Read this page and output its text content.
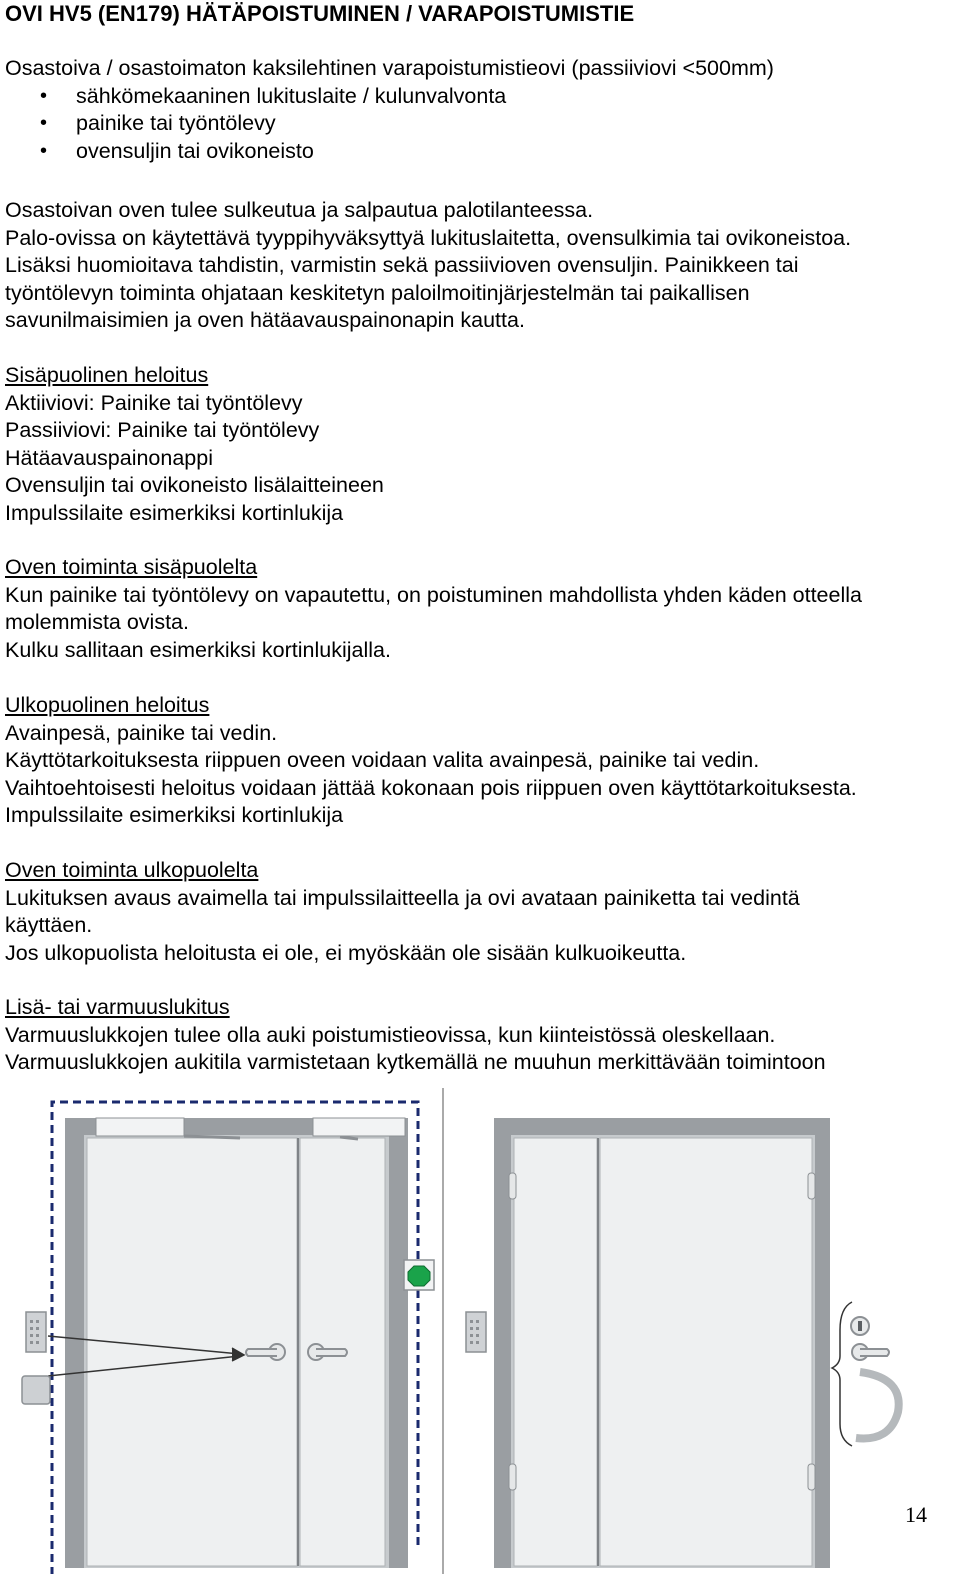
OVI HV5 (EN179) HÄTÄPOISTUMINEN / VARAPOISTUMISTIE

Osastoiva / osastoimaton kaksilehtinen varapoistumistieovi (passiiviovi <500mm)

• sähkömekaaninen lukituslaite / kulunvalvonta
• painike tai työntölevy
• ovensuljin tai ovikoneisto

Osastoivan oven tulee sulkeutua ja salpautua palotilanteessa.

Palo-ovissa on käytettävä tyyppihyväksyttyä lukituslaitetta, ovensulkimia tai ovikoneistoa.

Lisäksi huomioitava tahdistin, varmistin sekä passiivioven ovensuljin. Painikkeen tai

työntölevyn toiminta ohjataan keskitetyn paloilmoitinjärjestelmän tai paikallisen

savunilmaisimien ja oven hätäavauspainonapin kautta.

Sisäpuolinen heloitus

Aktiiviovi: Painike tai työntölevy

Passiiviovi: Painike tai työntölevy

Hätäavauspainonappi

Ovensuljin tai ovikoneisto lisälaitteineen

Impulssilaite esimerkiksi kortinlukija

Oven toiminta sisäpuolelta

Kun painike tai työntölevy on vapautettu, on poistuminen mahdollista yhden käden otteella

molemmista ovista.

Kulku sallitaan esimerkiksi kortinlukijalla.

Ulkopuolinen heloitus

Avainpesä, painike tai vedin.

Käyttötarkoituksesta riippuen oveen voidaan valita avainpesä, painike tai vedin.

Vaihtoehtoisesti heloitus voidaan jättää kokonaan pois riippuen oven käyttötarkoituksesta.

Impulssilaite esimerkiksi kortinlukija

Oven toiminta ulkopuolelta

Lukituksen avaus avaimella tai impulssilaitteella ja ovi avataan painiketta tai vedintä

käyttäen.

Jos ulkopuolista heloitusta ei ole, ei myöskään ole sisään kulkuoikeutta.

Lisä- tai varmuuslukitus

Varmuuslukkojen tulee olla auki poistumistieovissa, kun kiinteistössä oleskellaan.

Varmuuslukkojen aukitila varmistetaan kytkemällä ne muuhun merkittävään toimintoon

14
